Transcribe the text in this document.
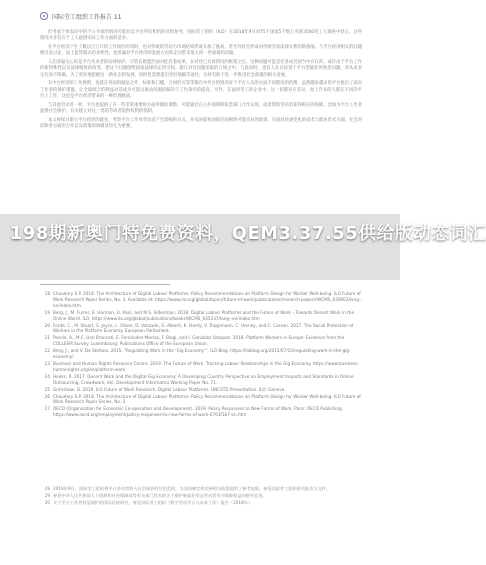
国际劳工组织工作报告 11

但考虑个体农民中的不公平或的情况可能对以平台所有和约的对的参考，国际劳工组织（ILO）在2018年9月对75个国家5千数万名的3500名工人调查中显示，这些情况并非仅在于工人提供实际工作方面的竞争。

在平台经济产生了数以百万计的工作岗位的同时，也对传统的劳动力市场结构形成实加了挑战，甚至有时会形成对传统劳动法律关系的新挑战。与平台经济相关的问题便引发讨论，加上监管模式的多样性，也普遍对平台经济的发展方向和走向带来很大的一些深刻的问题。

人们普遍关心的是平台从业者的法律保护。尽管在欧盟层面对此有着成果，在对待已具体情况的框架之后，这种问题可能是在各成员国当中存在的。或许由于平台工作的新特殊性以及法律制度的改变，把这个问题留给国家法律决定的空间。就在对这问题采取的立场之中，与此同时，也有人在讨论基于平台型就业的各类问题，对从业者定位尚不明确。为了更好地把握这一新业态的发展，同时也需要提出更好地解决途径，这将有助于进一步推进社会政策的相关发展。

在中台经济的工作规则，也就在各国的做法之外，标准和门槛，合同形式等等都在中外台的情况对于平台人员的方面不同程度的治理，虽然越来越多的平台推出了面向工作者的保护措施，让全球统合的利益对话成为可能以推动问题的解决与工作条件的提高。另外，在面对零工的企业中，这一切都存在差异，加上许多的人都在不同的平台上工作，这也是平台经济带来的一种治理挑战。

与其他劳动者一样，平台也提供了在一些非常重要的方面所做的调整，可能通过在公共领域和私营部门合作实现，或者帮助劳动者获得相应的保障，比如为平台工作者提供社会保护。有关建立对这一类的劳动者提供权利的机制。

本文将探讨新兴平台经济的就业，考察平台工作对劳动者产生影响的方式，并从国家和国际层面阐明可能应对的政策，在面对快速变化的技术与就业形式方面，社会对话和各方面的合作以及政策的协调显得尤为重要。

198期新奥门特免费资料，QEM3.37.55供给版动态词汇
18 Choudary S.P. 2018. The Architecture of Digital Labour Platforms: Policy Recommendations on Platform Design for Worker Well-being. ILO Future of Work Research Paper Series, No. 3. Available at: https://www.ilo.org/global/topics/future-of-work/publications/research-papers/WCMS_630603/lang--en/index.htm
19 Berg, J., M. Furrer, E. Harmon, U. Rani, and M.S. Silberman. 2018. Digital Labour Platforms and the Future of Work – Towards Decent Work in the Online World. ILO. https://www.ilo.org/global/publications/books/WCMS_645337/lang--en/index.htm
20 Forde, C., M. Stuart, S. Joyce, L. Oliver, D. Valizade, G. Alberti, K. Hardy, V. Trappmann, C. Umney, and C. Carson. 2017. The Social Protection of Workers in the Platform Economy. European Parliament.
21 Pesole, A., M.C. Urzi Brancati, E. Fernández-Macías, F. Biagi, and I. González Vázquez. 2018. Platform Workers in Europe: Evidence from the COLLEEM Survey. Luxembourg: Publications Office of the European Union.
22 Berg, J., and V. De Stefano. 2015. “Regulating Work in the ‘Gig Economy’”. ILO Blog. https://iloblog.org/2015/07/10/regulating-work-in-the-gig-economy/
23 Business and Human Rights Resource Centre. 2019. The Future of Work. Tracking Labour Relationships in the Gig Economy. https://www.business-humanrights.org/en/platform-work
24 Heeks, R. 2017. Decent Work and the Digital Gig Economy: A Developing Country Perspective on Employment Impacts and Standards in Online Outsourcing, Crowdwork, etc. Development Informatics Working Paper No. 71.
25 Grimshaw, D. 2019. ILO Future of Work Research. Digital Labour Platforms. UNCSTD Presentation. ILO: Geneva.
26 Choudary S.P. 2018. The Architecture of Digital Labour Platforms: Policy Recommendations on Platform Design for Worker Well-being. ILO Future of Work Research Paper Series, No. 3.
27 OECD (Organisation for Economic Co-operation and Development). 2019. Policy Responses to New Forms of Work. Paris: OECD Publishing. https://www.oecd.org/employment/policy-responses-to-new-forms-of-work-0763f1b7-en.htm
28 2019年9月，国际劳工组织将平台劳动者纳入社会保护的讨论范围，为各国制定和完善相关政策提供了参考依据。参见国际劳工组织相关报告与文件。
29 参见中华人民共和国人力资源和社会保障部等有关部门发布的关于维护新就业形态劳动者劳动保障权益的指导意见。
30 关于平台工作者权益保护的国际比较研究，参见国际劳工组织《数字劳动平台与未来工作》报告（2018年）。
